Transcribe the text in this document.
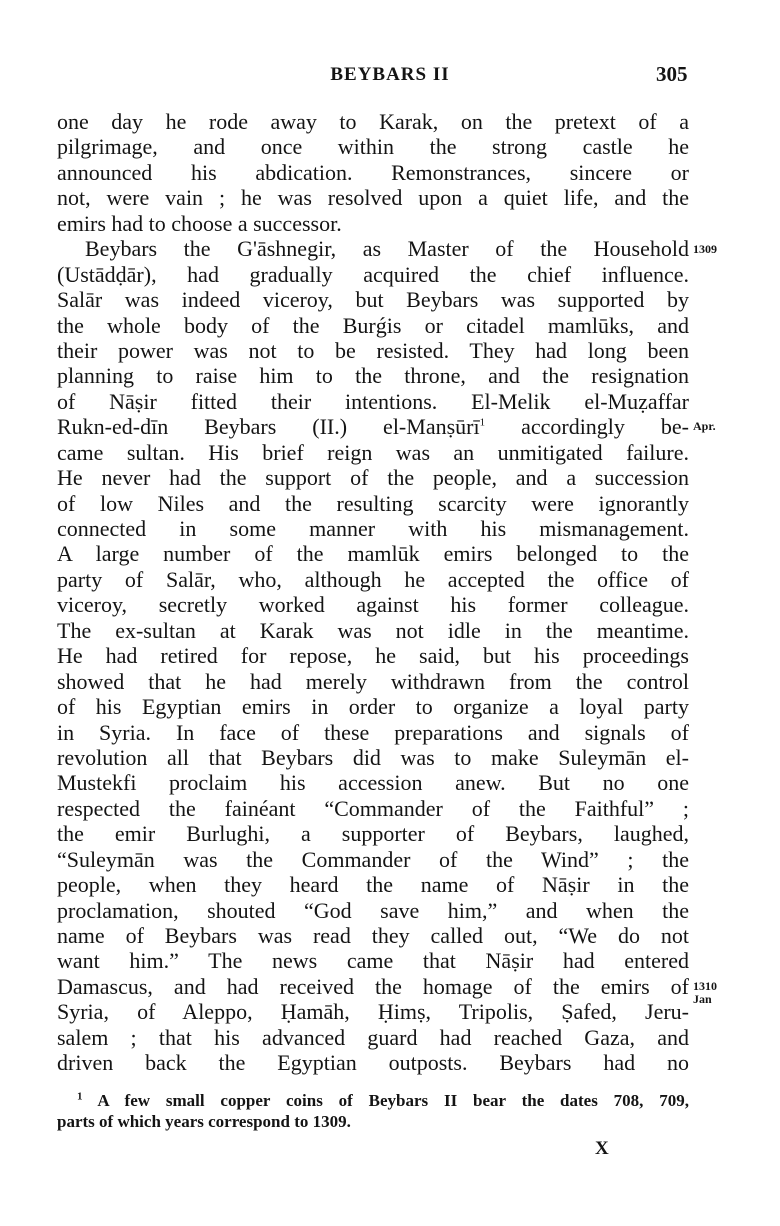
BEYBARS II	305
one day he rode away to Karak, on the pretext of a
pilgrimage, and once within the strong castle he
announced his abdication. Remonstrances, sincere or
not, were vain ; he was resolved upon a quiet life, and the
emirs had to choose a successor.
Beybars the G'āshnegir, as Master of the Household
(Ustādḍār), had gradually acquired the chief influence.
Salār was indeed viceroy, but Beybars was supported by
the whole body of the Burǵis or citadel mamlūks, and
their power was not to be resisted. They had long been
planning to raise him to the throne, and the resignation
of Nāṣir fitted their intentions. El-Melik el-Muẓaffar
Rukn-ed-dīn Beybars (II.) el-Manṣūrī$^1$ accordingly be-
came sultan. His brief reign was an unmitigated failure.
He never had the support of the people, and a succession
of low Niles and the resulting scarcity were ignorantly
connected in some manner with his mismanagement.
A large number of the mamlūk emirs belonged to the
party of Salār, who, although he accepted the office of
viceroy, secretly worked against his former colleague.
The ex-sultan at Karak was not idle in the meantime.
He had retired for repose, he said, but his proceedings
showed that he had merely withdrawn from the control
of his Egyptian emirs in order to organize a loyal party
in Syria. In face of these preparations and signals of
revolution all that Beybars did was to make Suleymān el-
Mustekfi proclaim his accession anew. But no one
respected the fainéant “Commander of the Faithful” ;
the emir Burlughi, a supporter of Beybars, laughed,
“Suleymān was the Commander of the Wind” ; the
people, when they heard the name of Nāṣir in the
proclamation, shouted “God save him,” and when the
name of Beybars was read they called out, “We do not
want him.” The news came that Nāṣir had entered
Damascus, and had received the homage of the emirs of
Syria, of Aleppo, Ḥamāh, Ḥimṣ, Tripolis, Ṣafed, Jeru-
salem ; that his advanced guard had reached Gaza, and
driven back the Egyptian outposts. Beybars had no
1309
Apr.
1310
Jan
$^1$ A few small copper coins of Beybars II bear the dates 708, 709,
parts of which years correspond to 1309.
X
